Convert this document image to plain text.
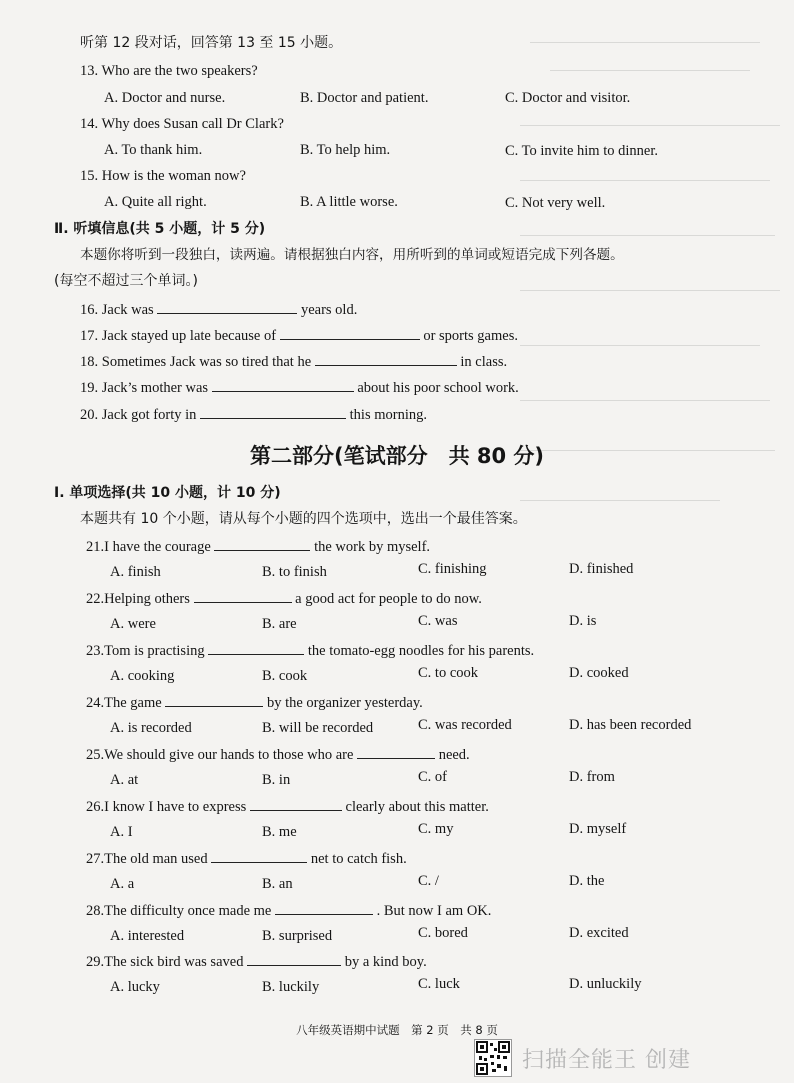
听第 12 段对话，回答第 13 至 15 小题。
13. Who are the two speakers?
A. Doctor and nurse.	B. Doctor and patient.	C. Doctor and visitor.
14. Why does Susan call Dr Clark?
A. To thank him.	B. To help him.	C. To invite him to dinner.
15. How is the woman now?
A. Quite all right.	B. A little worse.	C. Not very well.
Ⅱ. 听填信息(共 5 小题，计 5 分)
本题你将听到一段独白，读两遍。请根据独白内容，用所听到的单词或短语完成下列各题。
(每空不超过三个单词。)
16. Jack was	years old.
17. Jack stayed up late because of	or sports games.
18. Sometimes Jack was so tired that he	in class.
19. Jack’s mother was	about his poor school work.
20. Jack got forty in	this morning.
第二部分(笔试部分　共 80 分)
Ⅰ. 单项选择(共 10 小题，计 10 分)
本题共有 10 个小题，请从每个小题的四个选项中，选出一个最佳答案。
21.I have the courage	the work by myself.
A. finish	B. to finish	C. finishing	D. finished
22.Helping others	a good act for people to do now.
A. were	B. are	C. was	D. is
23.Tom is practising	the tomato-egg noodles for his parents.
A. cooking	B. cook	C. to cook	D. cooked
24.The game	by the organizer yesterday.
A. is recorded	B. will be recorded	C. was recorded	D. has been recorded
25.We should give our hands to those who are	need.
A. at	B. in	C. of	D. from
26.I know I have to express	clearly about this matter.
A. I	B. me	C. my	D. myself
27.The old man used	net to catch fish.
A. a	B. an	C. /	D. the
28.The difficulty once made me	. But now I am OK.
A. interested	B. surprised	C. bored	D. excited
29.The sick bird was saved	by a kind boy.
A. lucky	B. luckily	C. luck	D. unluckily
八年级英语期中试题　第 2 页　共 8 页
扫描全能王 创建
